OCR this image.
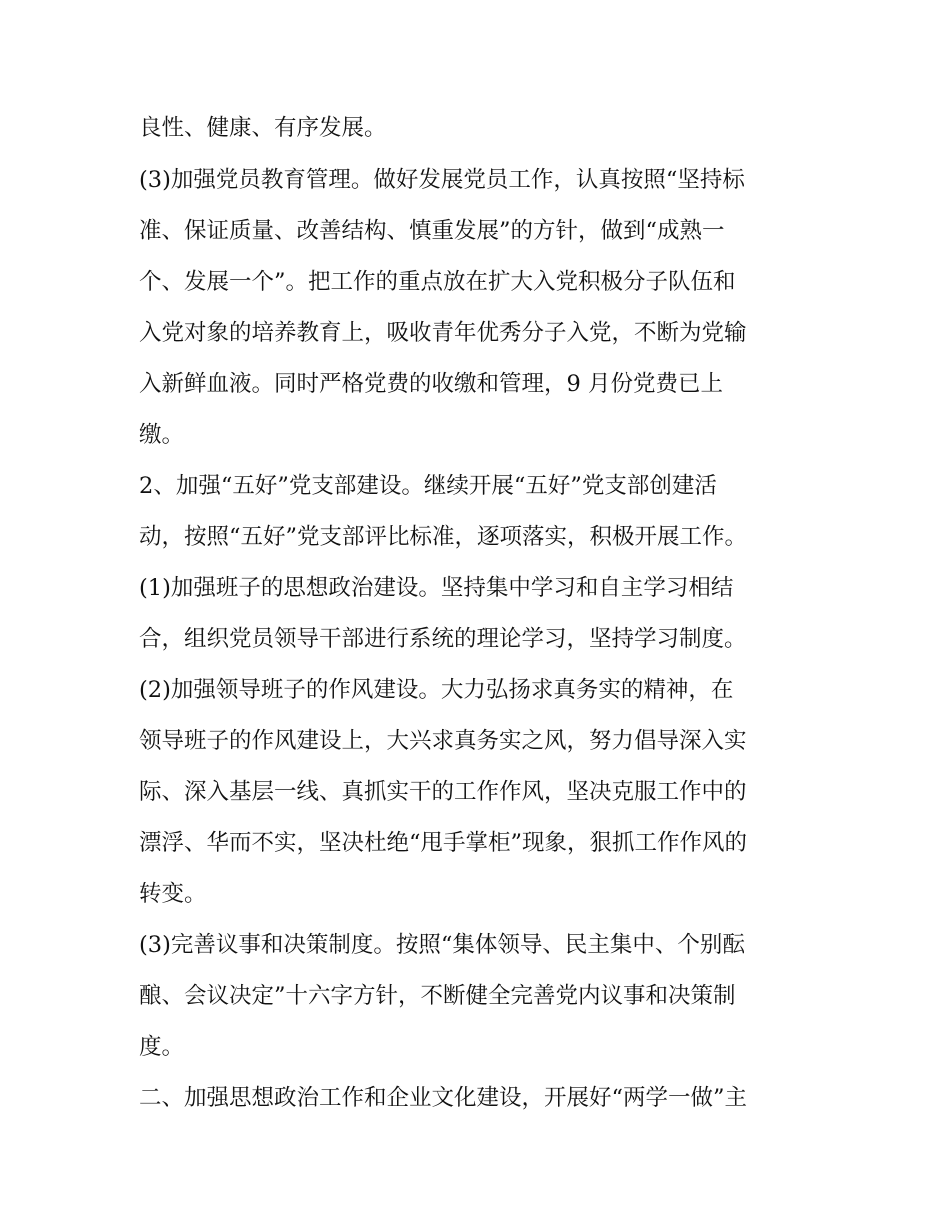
良性、健康、有序发展。

(3)加强党员教育管理。做好发展党员工作，认真按照“坚持标

准、保证质量、改善结构、慎重发展”的方针，做到“成熟一

个、发展一个”。把工作的重点放在扩大入党积极分子队伍和

入党对象的培养教育上，吸收青年优秀分子入党，不断为党输

入新鲜血液。同时严格党费的收缴和管理，9 月份党费已上

缴。

2、加强“五好”党支部建设。继续开展“五好”党支部创建活

动，按照“五好”党支部评比标准，逐项落实，积极开展工作。

(1)加强班子的思想政治建设。坚持集中学习和自主学习相结

合，组织党员领导干部进行系统的理论学习，坚持学习制度。

(2)加强领导班子的作风建设。大力弘扬求真务实的精神，在

领导班子的作风建设上，大兴求真务实之风，努力倡导深入实

际、深入基层一线、真抓实干的工作作风，坚决克服工作中的

漂浮、华而不实，坚决杜绝“甩手掌柜”现象，狠抓工作作风的

转变。

(3)完善议事和决策制度。按照“集体领导、民主集中、个别酝

酿、会议决定”十六字方针，不断健全完善党内议事和决策制

度。

二、加强思想政治工作和企业文化建设，开展好“两学一做”主
